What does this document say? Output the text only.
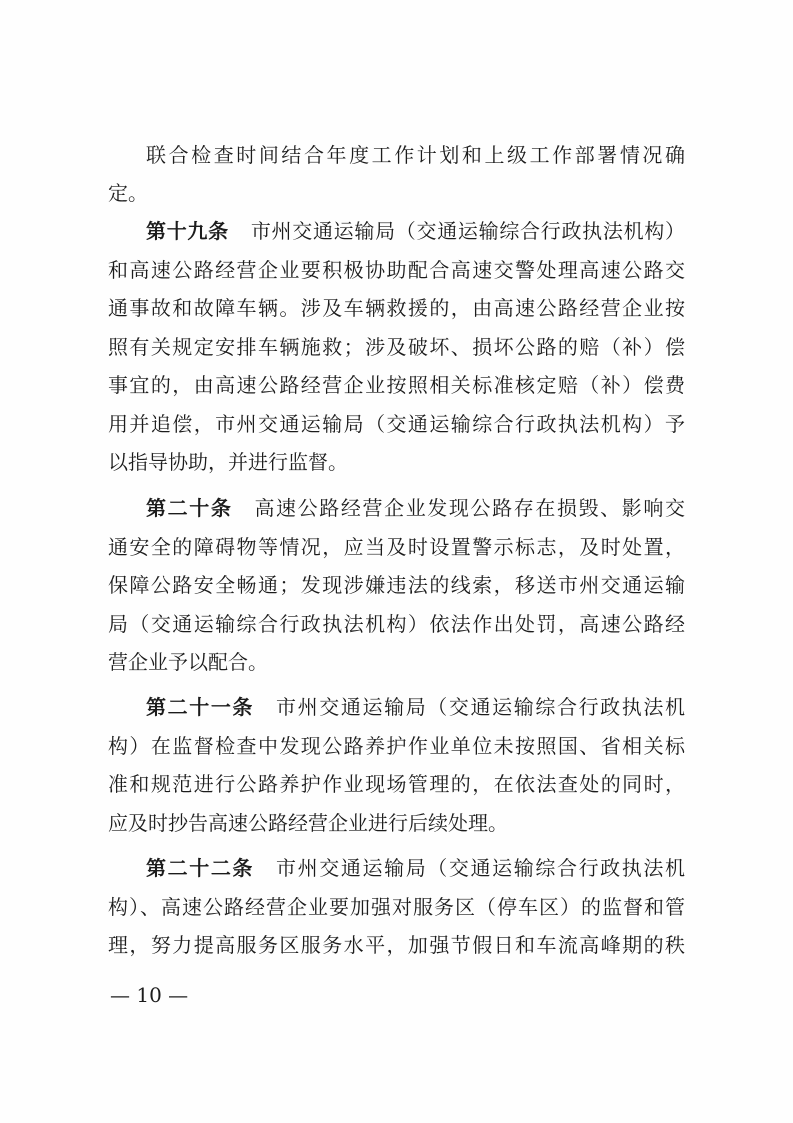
联合检查时间结合年度工作计划和上级工作部署情况确
定。
第十九条 市州交通运输局（交通运输综合行政执法机构）
和高速公路经营企业要积极协助配合高速交警处理高速公路交
通事故和故障车辆。涉及车辆救援的，由高速公路经营企业按
照有关规定安排车辆施救；涉及破坏、损坏公路的赔（补）偿
事宜的，由高速公路经营企业按照相关标准核定赔（补）偿费
用并追偿，市州交通运输局（交通运输综合行政执法机构）予
以指导协助，并进行监督。
第二十条 高速公路经营企业发现公路存在损毁、影响交
通安全的障碍物等情况，应当及时设置警示标志，及时处置，
保障公路安全畅通；发现涉嫌违法的线索，移送市州交通运输
局（交通运输综合行政执法机构）依法作出处罚，高速公路经
营企业予以配合。
第二十一条 市州交通运输局（交通运输综合行政执法机
构）在监督检查中发现公路养护作业单位未按照国、省相关标
准和规范进行公路养护作业现场管理的，在依法查处的同时，
应及时抄告高速公路经营企业进行后续处理。
第二十二条 市州交通运输局（交通运输综合行政执法机
构）、高速公路经营企业要加强对服务区（停车区）的监督和管
理，努力提高服务区服务水平，加强节假日和车流高峰期的秩
— 10 —
